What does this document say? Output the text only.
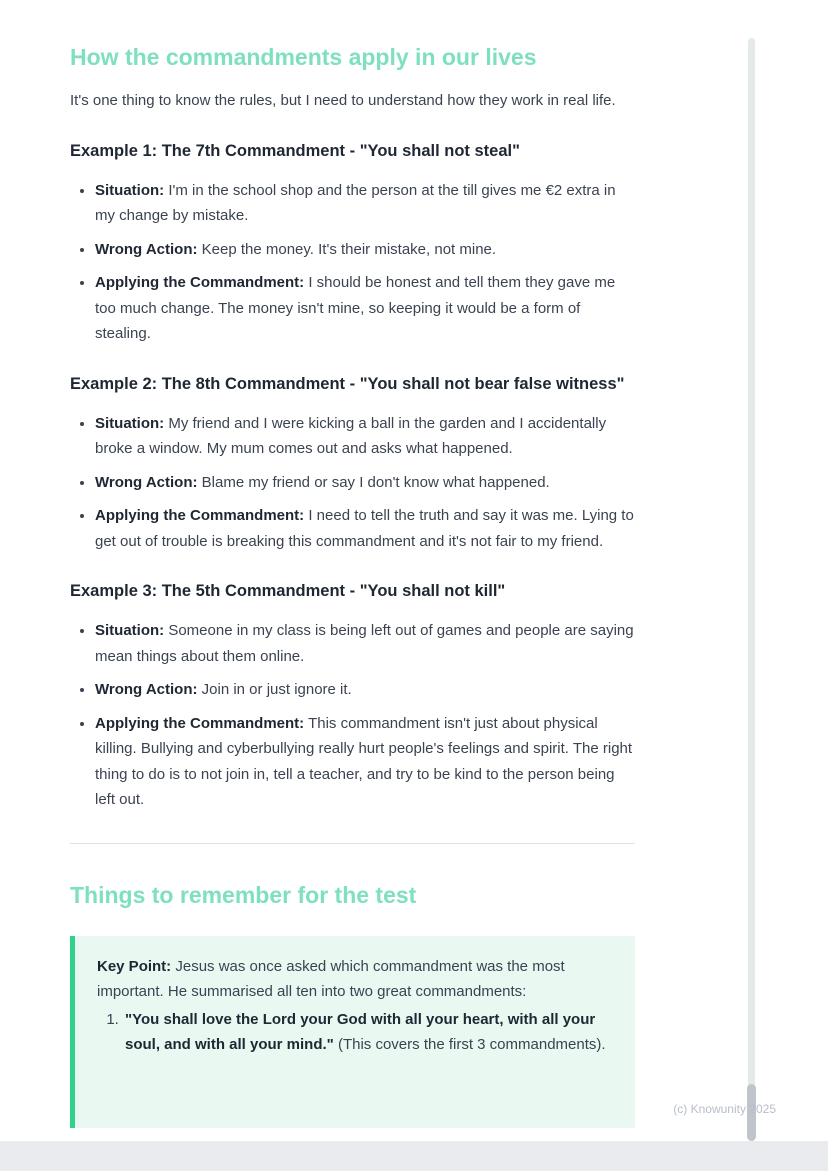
How the commandments apply in our lives

It's one thing to know the rules, but I need to understand how they work in real life.

Example 1: The 7th Commandment - "You shall not steal"
• Situation: I'm in the school shop and the person at the till gives me €2 extra in my change by mistake.
• Wrong Action: Keep the money. It's their mistake, not mine.
• Applying the Commandment: I should be honest and tell them they gave me too much change. The money isn't mine, so keeping it would be a form of stealing.
Example 2: The 8th Commandment - "You shall not bear false witness"
• Situation: My friend and I were kicking a ball in the garden and I accidentally broke a window. My mum comes out and asks what happened.
• Wrong Action: Blame my friend or say I don't know what happened.
• Applying the Commandment: I need to tell the truth and say it was me. Lying to get out of trouble is breaking this commandment and it's not fair to my friend.
Example 3: The 5th Commandment - "You shall not kill"
• Situation: Someone in my class is being left out of games and people are saying mean things about them online.
• Wrong Action: Join in or just ignore it.
• Applying the Commandment: This commandment isn't just about physical killing. Bullying and cyberbullying really hurt people's feelings and spirit. The right thing to do is to not join in, tell a teacher, and try to be kind to the person being left out.
Things to remember for the test

Key Point: Jesus was once asked which commandment was the most important. He summarised all ten into two great commandments:

1. "You shall love the Lord your God with all your heart, with all your soul, and with all your mind." (This covers the first 3 commandments).
(c) Knowunity 2025
